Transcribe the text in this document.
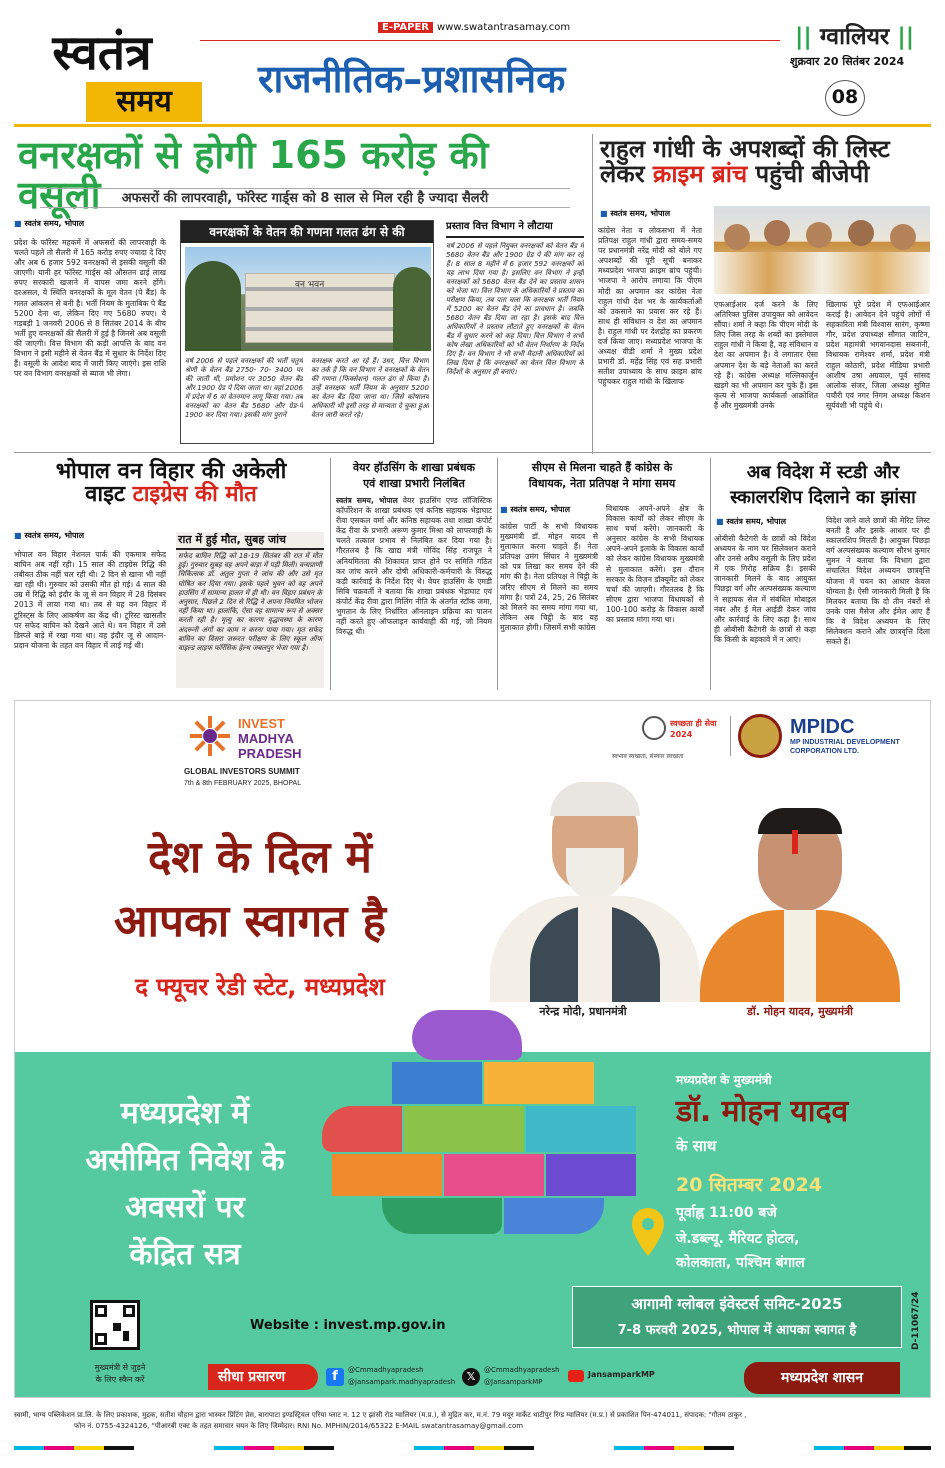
स्वतंत्र
समय
E-PAPER www.swatantrasamay.com
राजनीतिक–प्रशासनिक
|| ग्वालियर ||
शुक्रवार 20 सितंबर 2024
08
वनरक्षकों से होगी 165 करोड़ की वसूली	अफसरों की लापरवाही, फॉरेस्ट गार्ड्स को 8 साल से मिल रही है ज्यादा सैलरी
■ स्वतंत्र समय, भोपाल
प्रदेश के फॉरेस्ट महकमें में अफसरों की लापरवाही के चलते पहले तो सैलरी में 165 करोड़ रुपए ज्यादा दे दिए और अब 6 हजार 592 वनरक्षकों से इसकी वसूली की जाएगी। यानी हर फॉरेस्ट गार्ड्स को औसतन ढाई लाख रुपए सरकारी खजाने में वापस जमा करने होंगे। दरअसल, ये स्थिति वनरक्षकों के मूल वेतन (पे बैंड) के गलत आंकलन से बनी है। भर्ती नियम के मुताबिक पे बैंड 5200 देना था, लेकिन दिए गए 5680 रुपए। ये गड़बड़ी 1 जनवरी 2006 से 8 सितंबर 2014 के बीच भर्ती हुए वनरक्षकों की सैलरी में हुई है जिनसे अब वसूली की जाएगी। वित्त विभाग की कड़ी आपत्ति के बाद वन विभाग ने इसी महीने से वेतन बैंड में सुधार के निर्देश दिए हैं। वसूली के आदेश बाद में जारी किए जाएंगे। इस राशि पर वन विभाग वनरक्षकों से ब्याज भी लेगा।
वनरक्षकों के वेतन की गणना गलत ढंग से की
वन भवन
वर्ष 2006 से पहले वनरक्षकों की भर्ती चतुर्थ श्रेणी के वेतन बैंड 2750- 70- 3400 पर की जाती थी, प्रमोशन पर 3050 वेतन बैंड और 1900 ग्रेड पे दिया जाता था। वहां 2006 में प्रदेश में 6 वां वेतनमान लागू किया गया। तब वनरक्षकों का वेतन बैंड 5680 और ग्रेड-पे 1900 कर दिया गया। इसकी मांग पुराने
वनरक्षक करते आ रहे हैं। उधर, वित्त विभाग का तर्क है कि वन विभाग ने वनरक्षकों के वेतन की गणना (फिक्सेशन) गलत ढंग से किया है। उन्हें वनरक्षक भर्ती नियम के अनुसार 5200 का वेतन बैंड दिया जाना था। जिसे कोषालय अधिकारी भी इसी तरह से मान्यता दे चुका हुआ वेतन जारी करते रहे।
प्रस्ताव वित्त विभाग ने लौटाया
वर्ष 2006 से पहले नियुक्त वनरक्षकों को वेतन बैंड में 5680 वेतन बैंड और 1900 ग्रेड पे की मांग कर रहे हैं। 8 साल 8 महीने में 6 हजार 592 वनरक्षकों को यह लाभ दिया गया है। इसलिए वन विभाग ने इन्हीं वनरक्षकों को 5680 वेतन बैंड देने का प्रस्ताव शासन को भेजा था। वित्त विभाग के अधिकारियों ने प्रस्ताव का परीक्षण किया, तब पता चला कि वनरक्षक भर्ती नियम में 5200 का वेतन बैंड देने का प्रावधान है। जबकि 5680 वेतन बैंड दिया जा रहा है। इसके बाद वित्त अधिकारियों ने प्रस्ताव लौटाते हुए वनरक्षकों के वेतन बैंड में सुधार करने को कह दिया। वित्त विभाग ने सभी कोष लेखा अधिकारियों को भी वेतन निर्धारण के निर्देश दिए हैं। वन विभाग ने भी सभी मैदानी अधिकारियों को लिख दिया है कि वनरक्षकों का वेतन वित्त विभाग के निर्देशों के अनुसार ही बनाएं।
राहुल गांधी के अपशब्दों की लिस्ट
लेकर क्राइम ब्रांच पहुंची बीजेपी
■ स्वतंत्र समय, भोपाल
कांग्रेस नेता व लोकसभा में नेता प्रतिपक्ष राहुल गांधी द्वारा समय-समय पर प्रधानमंत्री नरेंद्र मोदी को बोले गए अपशब्दों की पूरी सूची बनाकर मध्यप्रदेश भाजपा क्राइम ब्रांच पहुंची। भाजपा ने आरोप लगाया कि पीएम मोदी का अपमान कर कांग्रेस नेता राहुल गांधी देश भर के कार्यकर्ताओं को उकसाने का प्रयास कर रहे हैं। साथ ही संविधान व देश का अपमान है। राहुल गांधी पर देशद्रोह का प्रकरण दर्ज किया जाए। मध्यप्रदेश भाजपा के अध्यक्ष वीडी शर्मा ने मुख्य प्रदेश प्रभारी डॉ. महेंद्र सिंह एवं सह प्रभारी सतीश उपाध्याय के साथ क्राइम ब्रांच पहुंचकर राहुल गांधी के खिलाफ
एफआईआर दर्ज करने के लिए अतिरिक्त पुलिस उपायुक्त को आवेदन सौंपा। शर्मा ने कहा कि पीएम मोदी के लिए जिस तरह के शब्दों का इस्तेमाल राहुल गांधी ने किया है, वह संविधान व देश का अपमान है। वे लगातार ऐसा अपमान देश के बड़े नेताओं का करते रहे हैं। कांग्रेस अध्यक्ष मल्लिकार्जुन खड़गे का भी अपमान कर चुके हैं। इस कृत्य से भाजपा कार्यकर्ता आक्रोशित हैं और मुख्यमंत्री उनके
खिलाफ पूरे प्रदेश में एफआईआर कराई है। आवेदन देने पहुंचे लोगों में सहकारिता मंत्री विश्वास सारंग, कृष्णा गौर, प्रदेश उपाध्यक्ष सौगात जाटिन, प्रदेश महामंत्री भगवानदास सबनानी, विधायक रामेश्वर शर्मा, प्रदेश मंत्री राहुल कोठारी, प्रदेश मीडिया प्रभारी आशीष उषा अग्रवाल, पूर्व सांसद आलोक संजर, जिला अध्यक्ष सुमित पचौरी एवं नगर निगम अध्यक्ष किशन सूर्यवंशी भी पहुंचे थे।
भोपाल वन विहार की अकेली
वाइट टाइग्रेस की मौत
■ स्वतंत्र समय, भोपाल
भोपाल वन विहार नेशनल पार्क की एकमात्र सफेद बाघिन अब नहीं रही। 15 साल की टाइग्रेस रिद्धि की तबीयत ठीक नहीं चल रही थी। 2 दिन से खाना भी नहीं खा रही थी। गुरुवार को उसकी मौत हो गई। 4 साल की उम्र में रिद्धि को इंदौर के जू से वन विहार में 28 दिसंबर 2013 में लाया गया था। तब से यह वन विहार में टूरिस्ट्स के लिए आकर्षण का केंद्र थी। टूरिस्ट खासतौर पर सफेद बाघिन को देखने आते थे। वन विहार में उसे डिस्प्ले बाड़े में रखा गया था। वह इंदौर जू से आदान-प्रदान योजना के तहत वन विहार में लाई गई थी।
रात में हुई मौत, सुबह जांच
सफेद बाघिन रिद्धि को 18-19 सितंबर की रात में मौत हुई। गुरुवार सुबह वह अपने बाड़ा में पड़ी मिली। वन्यप्राणी चिकित्सक डॉ. अतुल गुप्ता ने जांच की और उसे मृत घोषित कर दिया गया। इसके पहले भुवन को वह अपने हाउसिंग में सामान्य हालत में ही थी। वन विहार प्रबंधन के अनुसार, पिछले 2 दिन से रिद्धि ने अपना नियमित भोजन नहीं किया था। हालांकि, ऐसा वह सामान्य रूप से अक्सर करती रही है। मृत्यु का कारण वृद्धावस्था के कारण अंदरूनी अंगों का काम न करना पाया गया। मृत सफेद बाघिन का विसरा जरूरत परीक्षण के लिए स्कूल ऑफ वाइल्ड लाइफ फॉरेंसिक हेल्थ जबलपुर भेजा गया है।
वेयर हॉउसिंग के शाखा प्रबंधक
एवं शाखा प्रभारी निलंबित
स्वतंत्र समय, भोपाल वेयर हाउसिंग एण्ड लॉजिस्टिक कॉर्पोरेशन के शाखा प्रबंधक एवं कनिष्ठ सहायक भेड़ाघाट रीवा एसकल वर्मा और कनिष्ठ सहायक तथा शाखा कंपोर्ट केंद्र रीवा के प्रभारी अरूण कुमार मिश्रा को लापरवाही के चलते तत्काल प्रभाव से निलंबित कर दिया गया है। गौरतलब है कि खाद्य मंत्री गोविंद सिंह राजपूत ने अनियमितता की शिकायत प्राप्त होने पर समिति गठित कर जांच करने और दोषी अधिकारी-कर्मचारी के विरुद्ध कड़ी कार्रवाई के निर्देश दिए थे। वेयर हाउसिंग के एमडी सिबि चक्रवर्ती ने बताया कि शाखा प्रबंधक भेड़ाघाट एवं कंपोर्ट केंद्र रीवा द्वारा मिलिंग नीति के अंतर्गत स्टॉक जमा, भुगतान के लिए निर्धारित ऑनलाइन प्रक्रिया का पालन नहीं करते हुए ऑफलाइन कार्यवाही की गई, जो नियम विरुद्ध थी।
सीएम से मिलना चाहते हैं कांग्रेस के
विधायक, नेता प्रतिपक्ष ने मांगा समय
■ स्वतंत्र समय, भोपाल
कांग्रेस पार्टी के सभी विधायक मुख्यमंत्री डॉ. मोहन यादव से मुलाकात करना चाहते हैं। नेता प्रतिपक्ष उमंग सिंघार ने मुख्यमंत्री को पत्र लिखा कर समय देने की मांग की है। नेता प्रतिपक्ष ने चिट्ठी के जरिए सीएम से मिलने का समय मांगा है। पत्रों 24, 25, 26 सितंबर को मिलने का समय मांगा गया था, लेकिन अब चिट्ठी के बाद यह मुलाकात होगी। जिसमें सभी कांग्रेस
विधायक अपने-अपने क्षेत्र के विकास कार्यों को लेकर सीएम के साथ चर्चा करेंगे। जानकारी के अनुसार कांग्रेस के सभी विधायक अपने-अपने इलाके के विकास कार्यों को लेकर कांग्रेस विधायक मुख्यमंत्री से मुलाकात करेंगे। इस दौरान सरकार के विज़न डॉक्यूमेंट को लेकर चर्चा की जाएगी। गौरतलब है कि सीएम द्वारा भाजपा विधायकों से 100-100 करोड़ के विकास कार्यों का प्रस्ताव मांगा गया था।
अब विदेश में स्टडी और
स्कालरशिप दिलाने का झांसा
■ स्वतंत्र समय, भोपाल
ओबीसी कैटेगरी के छात्रों को विदेश अध्ययन के नाम पर सिलेक्शन कराने और उनसे अवैध वसूली के लिए प्रदेश में एक गिरोह सक्रिय है। इसकी जानकारी मिलने के बाद आयुक्त पिछड़ा वर्ग और अल्पसंख्यक कल्याण ने सहायक सेल में संबंधित मोबाइल नंबर और ई मेल आईडी देकर जांच और कार्रवाई के लिए कहा है। साथ ही ओबीसी कैटेगरी के छात्रों से कहा कि किसी के बहकावे में न आएं।
विदेश जाने वाले छात्रों की मेरिट लिस्ट बनती है और इसके आधार पर ही स्कालरशिप मिलती है। आयुक्त पिछड़ा वर्ग अल्पसंख्यक कल्याण सौरभ कुमार सुमन ने बताया कि विभाग द्वारा संचालित विदेश अध्ययन छात्रवृत्ति योजना में चयन का आधार केवल योग्यता है। ऐसी जानकारी मिली है कि मिलकर बताया कि दो तीन नंबरों से उनके पास मैसेज और ईमेल आए हैं कि वे विदेश अध्ययन के लिए सिलेक्शन कराने और छात्रवृत्ति दिला सकते हैं।
INVEST
MADHYA
PRADESH
GLOBAL INVESTORS SUMMIT
7th & 8th FEBRUARY 2025, BHOPAL
स्वच्छता ही सेवा 2024
स्वभाव स्वच्छता, संस्कार स्वच्छता
MPIDC
MP INDUSTRIAL DEVELOPMENT
CORPORATION LTD.
देश के दिल में
आपका स्वागत है
द फ्यूचर रेडी स्टेट, मध्यप्रदेश
नरेन्द्र मोदी, प्रधानमंत्री	डॉ. मोहन यादव, मुख्यमंत्री
मध्यप्रदेश में
असीमित निवेश के
अवसरों पर
केंद्रित सत्र
मध्यप्रदेश के मुख्यमंत्री
डॉ. मोहन यादव
के साथ
20 सितम्बर 2024
पूर्वाह्न 11:00 बजे
जे.डब्ल्यू. मैरियट होटल,
कोलकाता, पश्चिम बंगाल
आगामी ग्लोबल इंवेस्टर्स समिट-2025
7-8 फरवरी 2025, भोपाल में आपका स्वागत है	D-11067/24
Website : invest.mp.gov.in
मुख्यमंत्री से जुड़ने
के लिए स्कैन करें	सीधा प्रसारण	f	@Cmmadhyapradesh
@jansampark.madhyapradesh	𝕏	@Cmmadhyapradesh
@JansamparkMP
JansamparkMP	मध्यप्रदेश शासन
स्वामी, भाग्य पब्लिकेशन प्रा.लि. के लिए प्रकाशक, मुद्रक, सतीश चौहान द्वारा भास्कर प्रिंटिंग प्रेस, बारापाटा इण्डस्ट्रियल एरिया प्लाट न. 12 ए झांसी रोड ग्वालियर (म.प्र.), से मुद्रित कर, म.नं. 79 मयूर मार्केट थाटीपुर रिंग्ड ग्वालियर (म.प्र.) से प्रकाशित पिन-474011, संपादक: "गौतम ठाकुर ,
फोन नं. 0755-4324126, "पीआरबी एक्ट के तहत समाचार चयन के लिए जिम्मेदार। RNI No. MPHIN/2014/65322 E-MAIL swatantrasamay@gmail.com
